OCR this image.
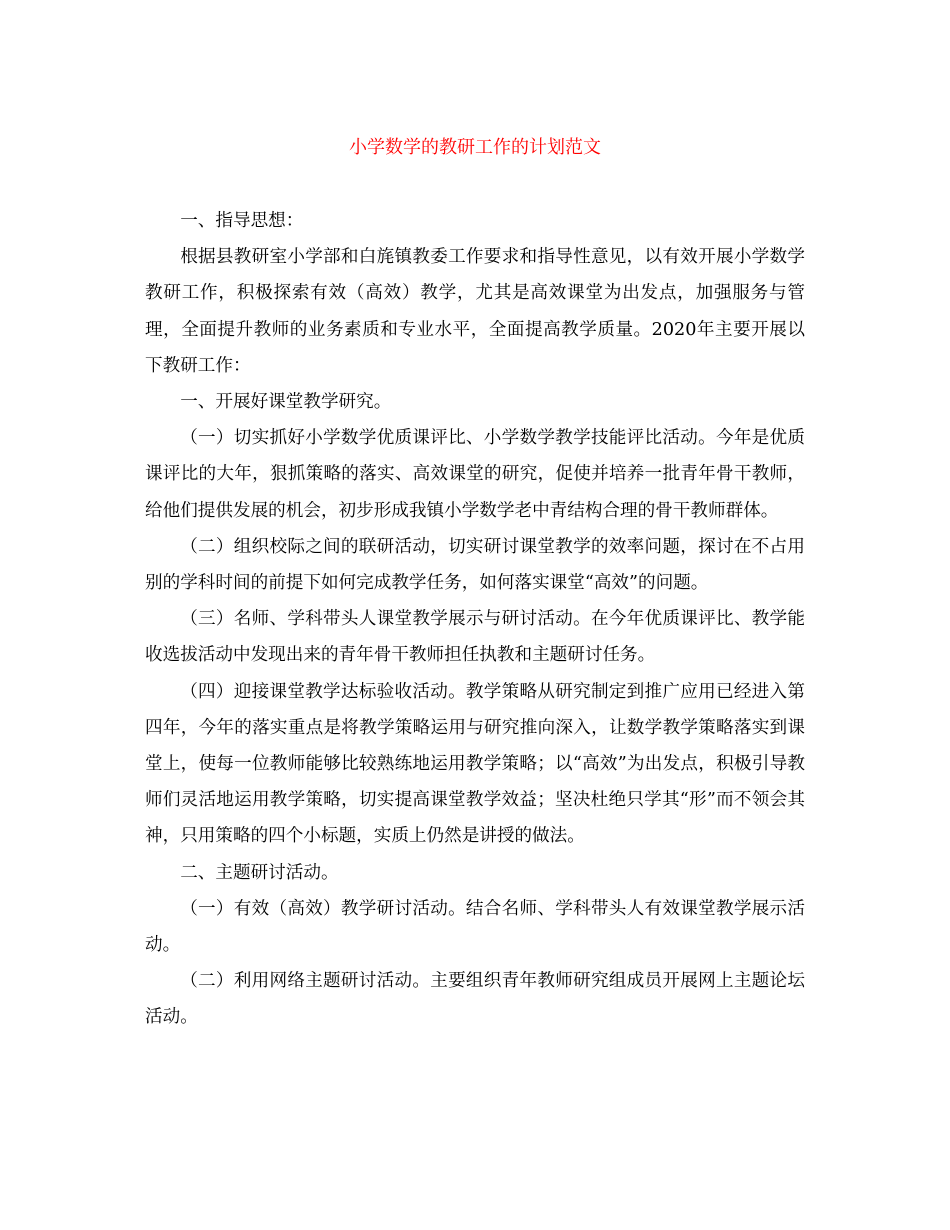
小学数学的教研工作的计划范文

一、指导思想：

根据县教研室小学部和白旄镇教委工作要求和指导性意见，以有效开展小学数学教研工作，积极探索有效（高效）教学，尤其是高效课堂为出发点，加强服务与管理，全面提升教师的业务素质和专业水平，全面提高教学质量。2020年主要开展以下教研工作：

一、开展好课堂教学研究。

（一）切实抓好小学数学优质课评比、小学数学教学技能评比活动。今年是优质课评比的大年，狠抓策略的落实、高效课堂的研究，促使并培养一批青年骨干教师，给他们提供发展的机会，初步形成我镇小学数学老中青结构合理的骨干教师群体。

（二）组织校际之间的联研活动，切实研讨课堂教学的效率问题，探讨在不占用别的学科时间的前提下如何完成教学任务，如何落实课堂“高效”的问题。

（三）名师、学科带头人课堂教学展示与研讨活动。在今年优质课评比、教学能收选拔活动中发现出来的青年骨干教师担任执教和主题研讨任务。

（四）迎接课堂教学达标验收活动。教学策略从研究制定到推广应用已经进入第四年，今年的落实重点是将教学策略运用与研究推向深入，让数学教学策略落实到课堂上，使每一位教师能够比较熟练地运用教学策略；以“高效”为出发点，积极引导教师们灵活地运用教学策略，切实提高课堂教学效益；坚决杜绝只学其“形”而不领会其神，只用策略的四个小标题，实质上仍然是讲授的做法。

二、主题研讨活动。

（一）有效（高效）教学研讨活动。结合名师、学科带头人有效课堂教学展示活动。

（二）利用网络主题研讨活动。主要组织青年教师研究组成员开展网上主题论坛活动。
